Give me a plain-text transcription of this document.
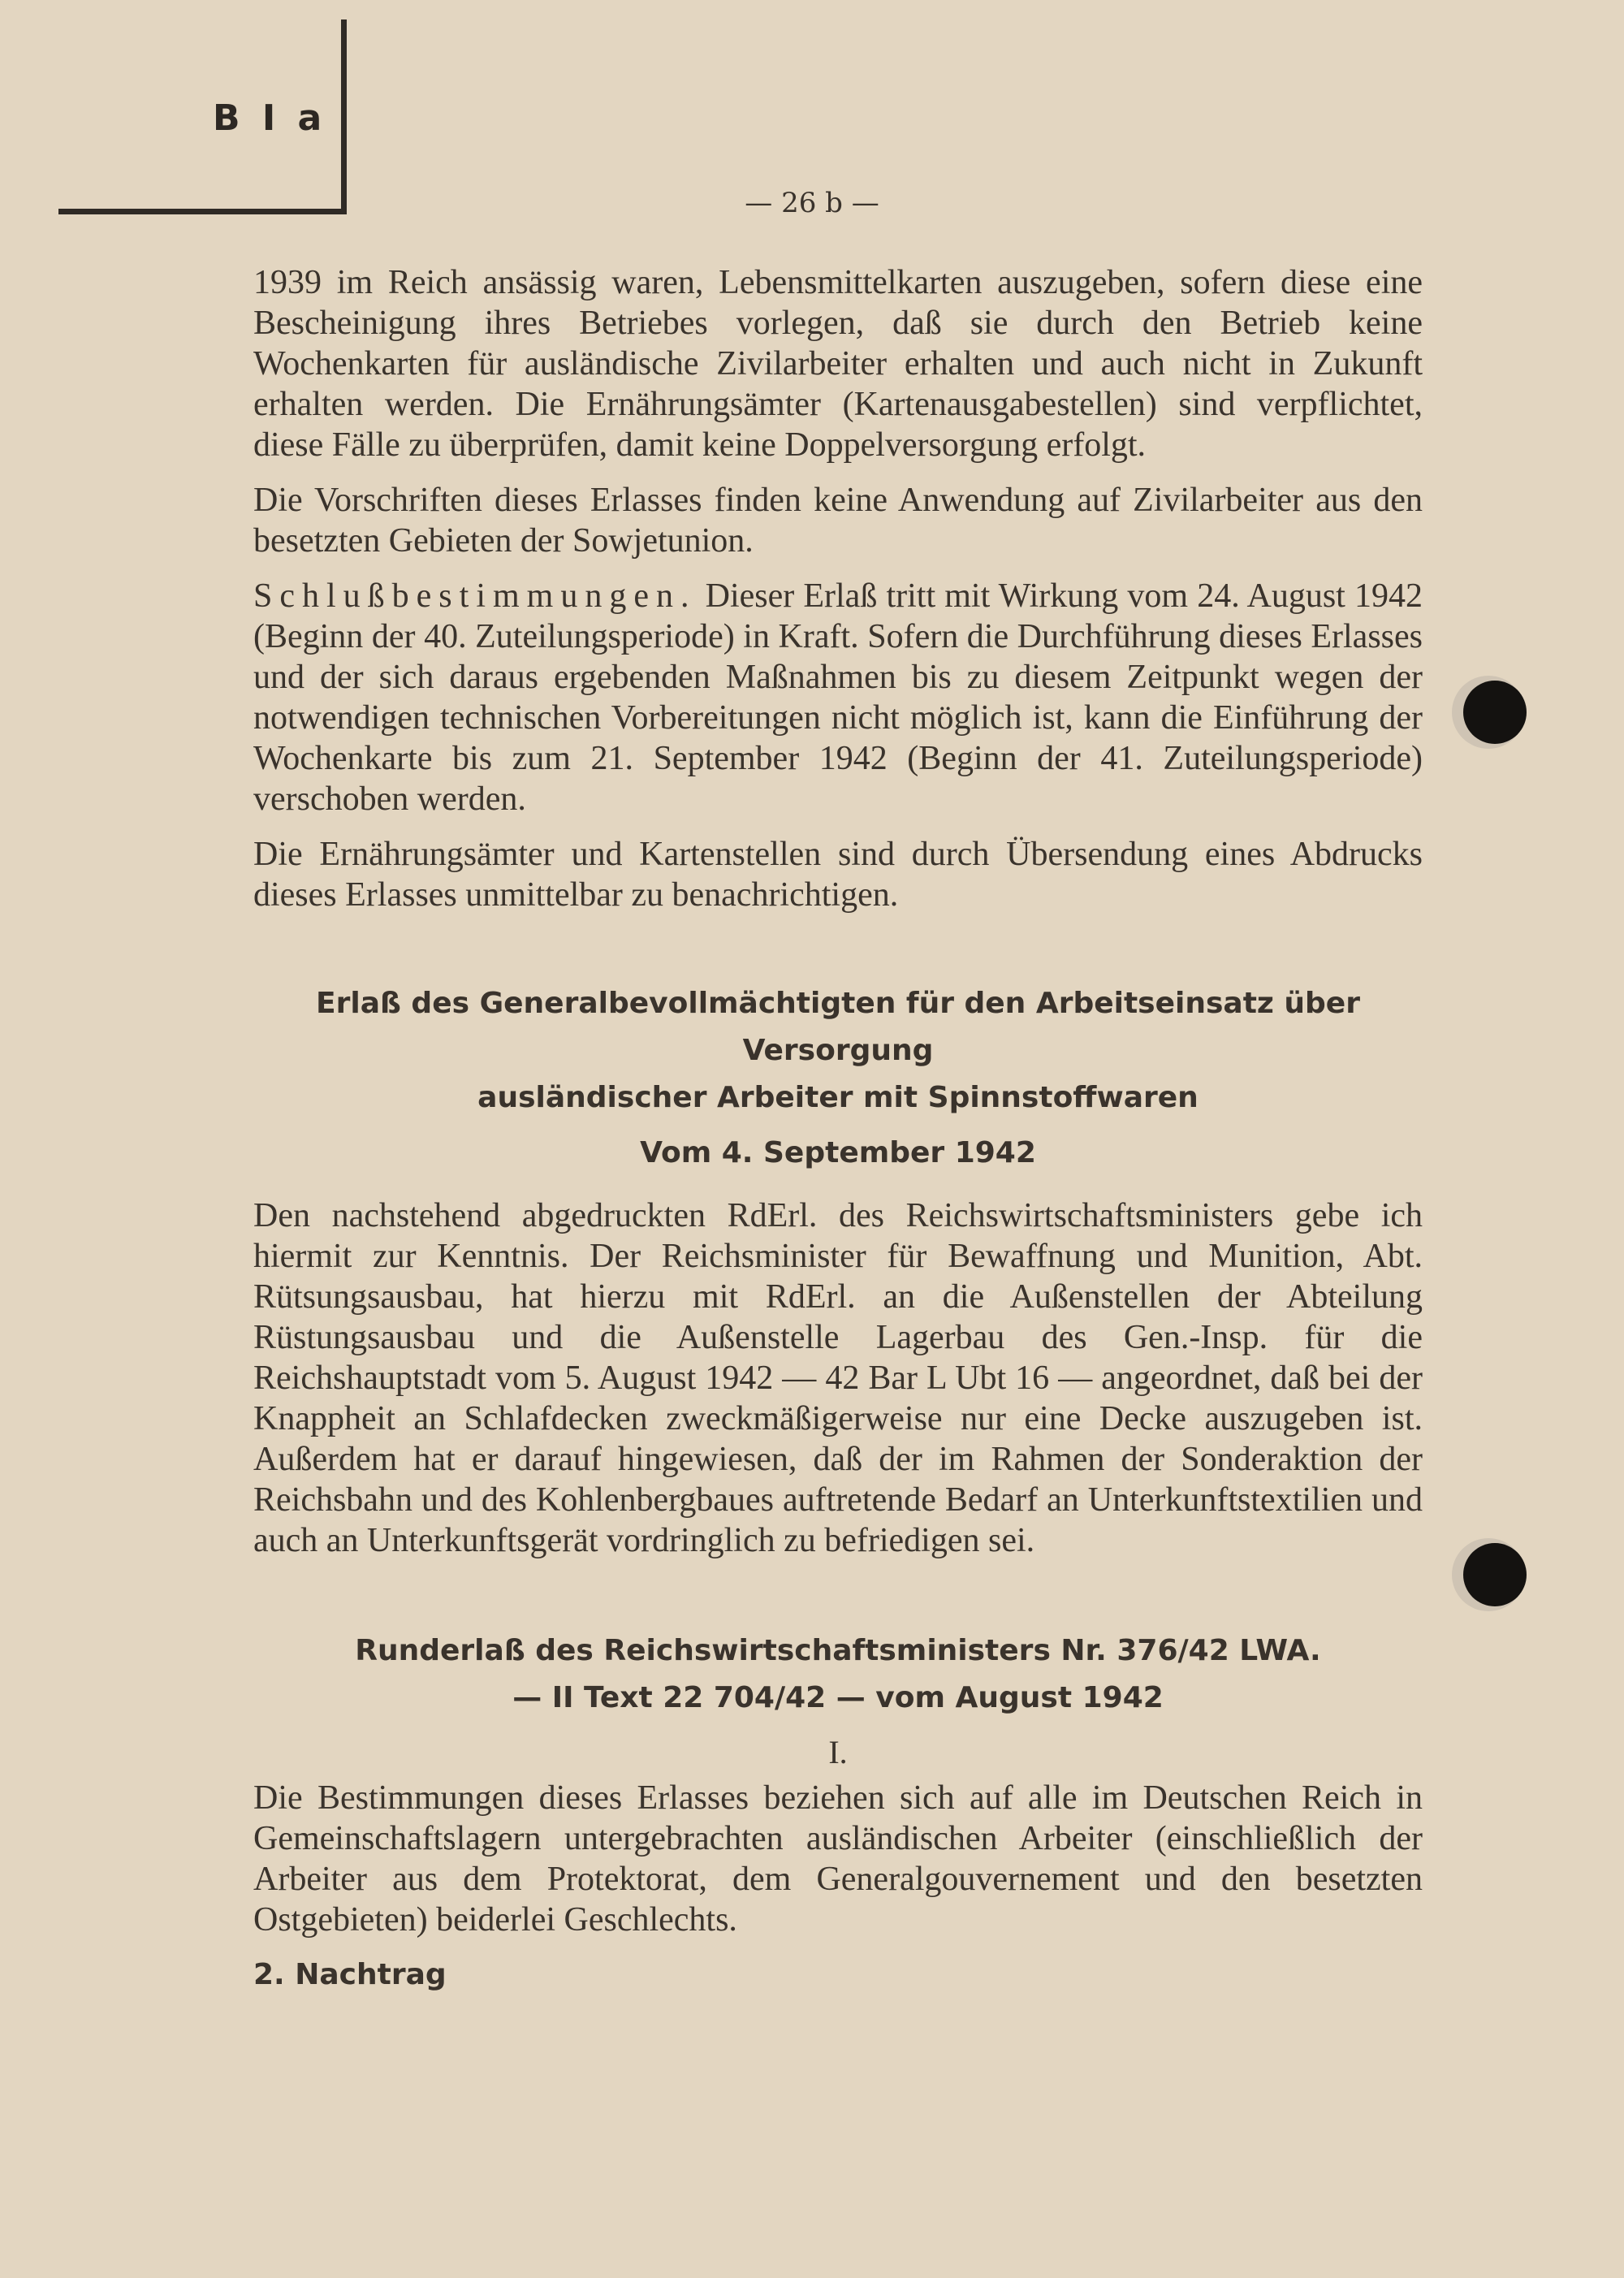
B I a
— 26 b —

1939 im Reich ansässig waren, Lebensmittelkarten auszugeben, sofern diese eine Bescheinigung ihres Betriebes vorlegen, daß sie durch den Betrieb keine Wochenkarten für ausländische Zivilarbeiter erhalten und auch nicht in Zukunft erhalten werden. Die Ernährungsämter (Kartenausgabestellen) sind verpflichtet, diese Fälle zu überprüfen, damit keine Doppelversorgung erfolgt.

Die Vorschriften dieses Erlasses finden keine Anwendung auf Zivilarbeiter aus den besetzten Gebieten der Sowjetunion.

Schlußbestimmungen. Dieser Erlaß tritt mit Wirkung vom 24. August 1942 (Beginn der 40. Zuteilungsperiode) in Kraft. Sofern die Durchführung dieses Erlasses und der sich daraus ergebenden Maßnahmen bis zu diesem Zeitpunkt wegen der notwendigen technischen Vorbereitungen nicht möglich ist, kann die Einführung der Wochenkarte bis zum 21. September 1942 (Beginn der 41. Zuteilungsperiode) verschoben werden.

Die Ernährungsämter und Kartenstellen sind durch Übersendung eines Abdrucks dieses Erlasses unmittelbar zu benachrichtigen.

Erlaß des Generalbevollmächtigten für den Arbeitseinsatz über Versorgung
ausländischer Arbeiter mit Spinnstoffwaren
Vom 4. September 1942

Den nachstehend abgedruckten RdErl. des Reichswirtschaftsministers gebe ich hiermit zur Kenntnis. Der Reichsminister für Bewaffnung und Munition, Abt. Rütsungsausbau, hat hierzu mit RdErl. an die Außenstellen der Abteilung Rüstungsausbau und die Außenstelle Lagerbau des Gen.-Insp. für die Reichshauptstadt vom 5. August 1942 — 42 Bar L Ubt 16 — angeordnet, daß bei der Knappheit an Schlafdecken zweckmäßigerweise nur eine Decke auszugeben ist. Außerdem hat er darauf hingewiesen, daß der im Rahmen der Sonderaktion der Reichsbahn und des Kohlenbergbaues auftretende Bedarf an Unterkunftstextilien und auch an Unterkunftsgerät vordringlich zu befriedigen sei.

Runderlaß des Reichswirtschaftsministers Nr. 376/42 LWA.
— II Text 22 704/42 — vom August 1942
I.

Die Bestimmungen dieses Erlasses beziehen sich auf alle im Deutschen Reich in Gemeinschaftslagern untergebrachten ausländischen Arbeiter (einschließlich der Arbeiter aus dem Protektorat, dem Generalgouvernement und den besetzten Ostgebieten) beiderlei Geschlechts.

2. Nachtrag
